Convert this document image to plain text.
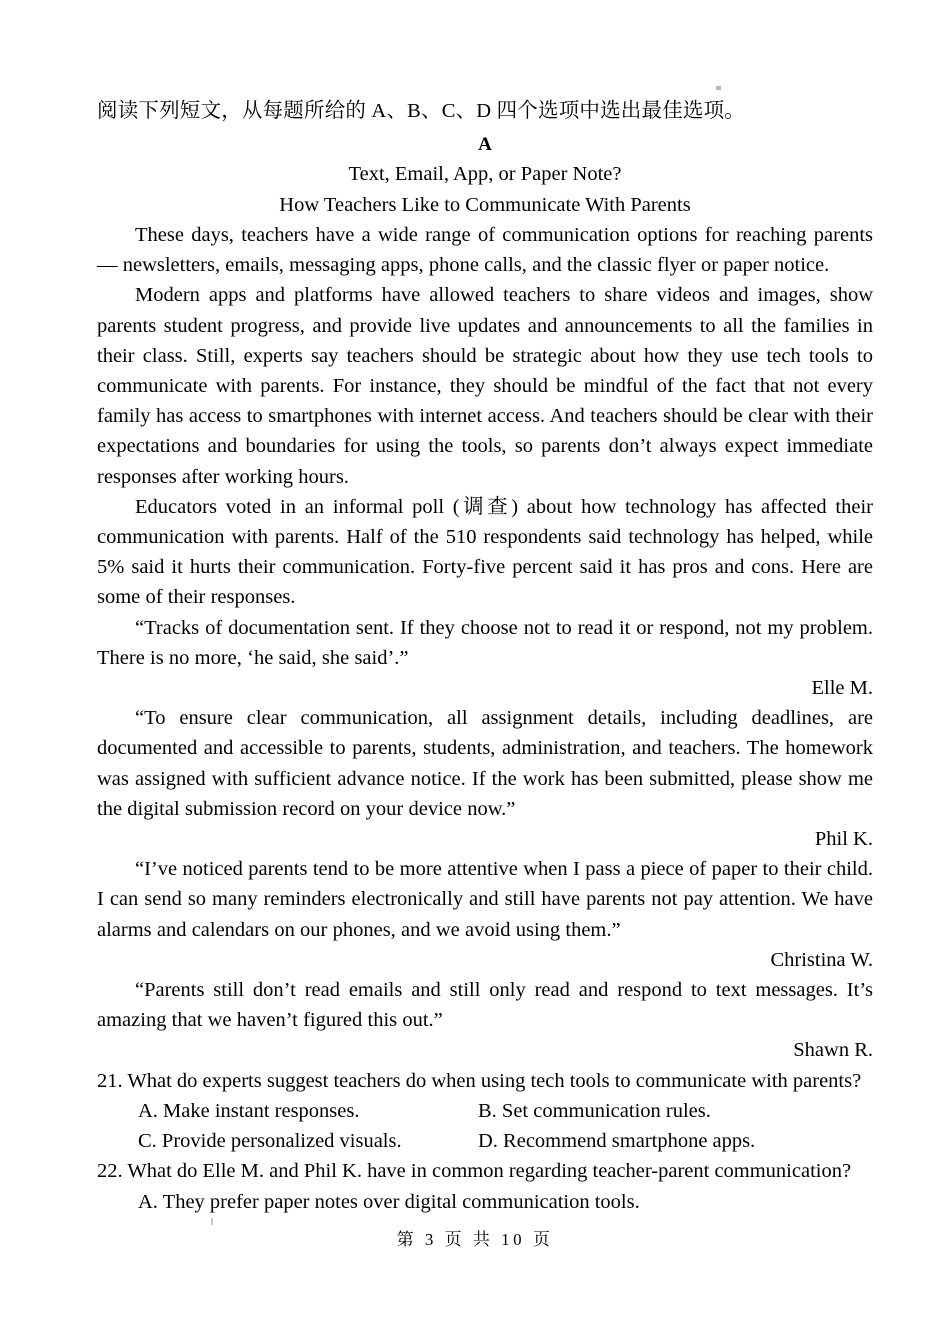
阅读下列短文，从每题所给的 A、B、C、D 四个选项中选出最佳选项。

A

Text, Email, App, or Paper Note?

How Teachers Like to Communicate With Parents

These days, teachers have a wide range of communication options for reaching parents — newsletters, emails, messaging apps, phone calls, and the classic flyer or paper notice.

Modern apps and platforms have allowed teachers to share videos and images, show parents student progress, and provide live updates and announcements to all the families in their class. Still, experts say teachers should be strategic about how they use tech tools to communicate with parents. For instance, they should be mindful of the fact that not every family has access to smartphones with internet access. And teachers should be clear with their expectations and boundaries for using the tools, so parents don’t always expect immediate responses after working hours.

Educators voted in an informal poll (调查) about how technology has affected their communication with parents. Half of the 510 respondents said technology has helped, while 5% said it hurts their communication. Forty-five percent said it has pros and cons. Here are some of their responses.

“Tracks of documentation sent. If they choose not to read it or respond, not my problem. There is no more, ‘he said, she said’.”

Elle M.

“To ensure clear communication, all assignment details, including deadlines, are documented and accessible to parents, students, administration, and teachers. The homework was assigned with sufficient advance notice. If the work has been submitted, please show me the digital submission record on your device now.”

Phil K.

“I’ve noticed parents tend to be more attentive when I pass a piece of paper to their child. I can send so many reminders electronically and still have parents not pay attention. We have alarms and calendars on our phones, and we avoid using them.”

Christina W.

“Parents still don’t read emails and still only read and respond to text messages. It’s amazing that we haven’t figured this out.”

Shawn R.

21. What do experts suggest teachers do when using tech tools to communicate with parents?

A. Make instant responses.	B. Set communication rules.
C. Provide personalized visuals.	D. Recommend smartphone apps.

22. What do Elle M. and Phil K. have in common regarding teacher-parent communication?

A. They prefer paper notes over digital communication tools.

第 3 页 共 10 页
